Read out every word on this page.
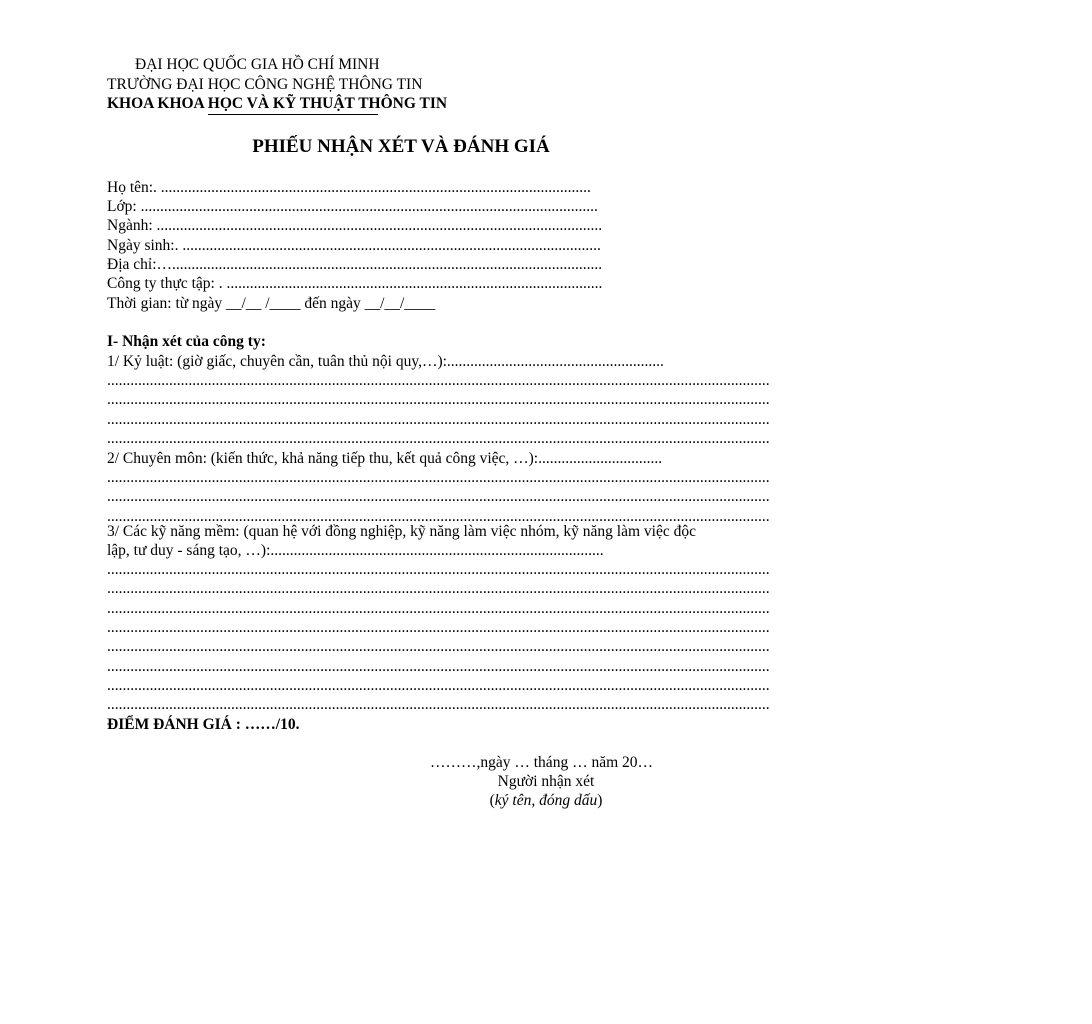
ĐẠI HỌC QUỐC GIA HỒ CHÍ MINH
TRƯỜNG ĐẠI HỌC CÔNG NGHỆ THÔNG TIN
KHOA KHOA HỌC VÀ KỸ THUẬT THÔNG TIN
PHIẾU NHẬN XÉT VÀ ĐÁNH GIÁ
Họ tên:. ...............................................................................................................
Lớp: ......................................................................................................................
Ngành: ...................................................................................................................
Ngày sinh:. ............................................................................................................
Địa chỉ:…...............................................................................................................
Công ty thực tập: . .................................................................................................
Thời gian: từ ngày __/__ /____ đến ngày __/__/____
I- Nhận xét của công ty:
1/ Kỷ luật: (giờ giấc, chuyên cần, tuân thủ nội quy,…):........................................................
...........................................................................................................................................................................
...........................................................................................................................................................................
...........................................................................................................................................................................
...........................................................................................................................................................................
2/ Chuyên môn: (kiến thức, khả năng tiếp thu, kết quả công việc, …):................................
...........................................................................................................................................................................
...........................................................................................................................................................................
...........................................................................................................................................................................
3/ Các kỹ năng mềm: (quan hệ với đồng nghiệp, kỹ năng làm việc nhóm, kỹ năng làm việc độc lập, tư duy - sáng tạo, …):......................................................................................
...........................................................................................................................................................................
...........................................................................................................................................................................
...........................................................................................................................................................................
...........................................................................................................................................................................
...........................................................................................................................................................................
...........................................................................................................................................................................
...........................................................................................................................................................................
...........................................................................................................................................................................
ĐIỂM ĐÁNH GIÁ : ……/10.
………,ngày … tháng … năm 20…
Người nhận xét
(ký tên, đóng dấu)
